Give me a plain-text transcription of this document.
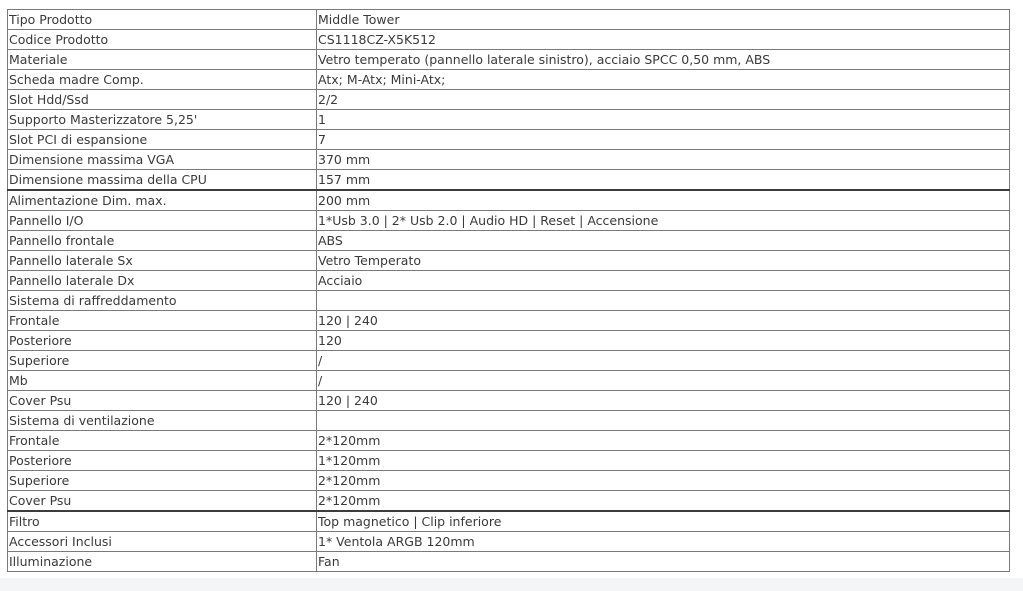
Tipo Prodotto	Middle Tower
Codice Prodotto	CS1118CZ-X5K512
Materiale	Vetro temperato (pannello laterale sinistro), acciaio SPCC 0,50 mm, ABS
Scheda madre Comp.	Atx; M-Atx; Mini-Atx;
Slot Hdd/Ssd	2/2
Supporto Masterizzatore 5,25'	1
Slot PCI di espansione	7
Dimensione massima VGA	370 mm
Dimensione massima della CPU	157 mm
Alimentazione Dim. max.	200 mm
Pannello I/O	1*Usb 3.0 | 2* Usb 2.0 | Audio HD | Reset | Accensione
Pannello frontale	ABS
Pannello laterale Sx	Vetro Temperato
Pannello laterale Dx	Acciaio
Sistema di raffreddamento	
Frontale	120 | 240
Posteriore	120
Superiore	/
Mb	/
Cover Psu	120 | 240
Sistema di ventilazione	
Frontale	2*120mm
Posteriore	1*120mm
Superiore	2*120mm
Cover Psu	2*120mm
Filtro	Top magnetico | Clip inferiore
Accessori Inclusi	1* Ventola ARGB 120mm
Illuminazione	Fan
